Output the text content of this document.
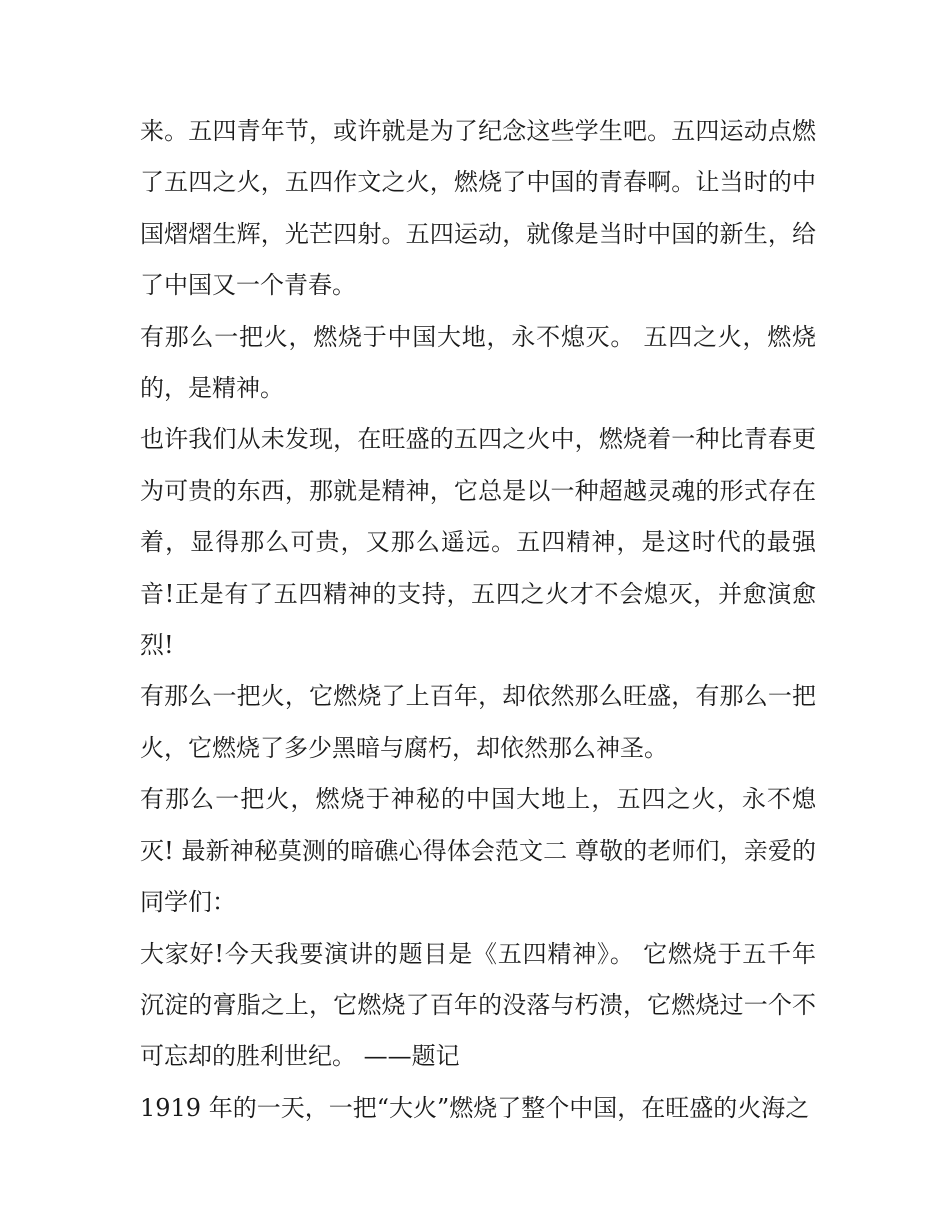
来。五四青年节，或许就是为了纪念这些学生吧。五四运动点燃了五四之火，五四作文之火，燃烧了中国的青春啊。让当时的中国熠熠生辉，光芒四射。五四运动，就像是当时中国的新生，给了中国又一个青春。

有那么一把火，燃烧于中国大地，永不熄灭。 五四之火，燃烧的，是精神。

也许我们从未发现，在旺盛的五四之火中，燃烧着一种比青春更为可贵的东西，那就是精神，它总是以一种超越灵魂的形式存在着，显得那么可贵，又那么遥远。五四精神，是这时代的最强音!正是有了五四精神的支持，五四之火才不会熄灭，并愈演愈烈!

有那么一把火，它燃烧了上百年，却依然那么旺盛，有那么一把火，它燃烧了多少黑暗与腐朽，却依然那么神圣。

有那么一把火，燃烧于神秘的中国大地上，五四之火，永不熄灭! 最新神秘莫测的暗礁心得体会范文二 尊敬的老师们，亲爱的同学们：

大家好!今天我要演讲的题目是《五四精神》。 它燃烧于五千年沉淀的膏脂之上，它燃烧了百年的没落与朽溃，它燃烧过一个不可忘却的胜利世纪。 ——题记

1919 年的一天，一把“大火”燃烧了整个中国，在旺盛的火海之
